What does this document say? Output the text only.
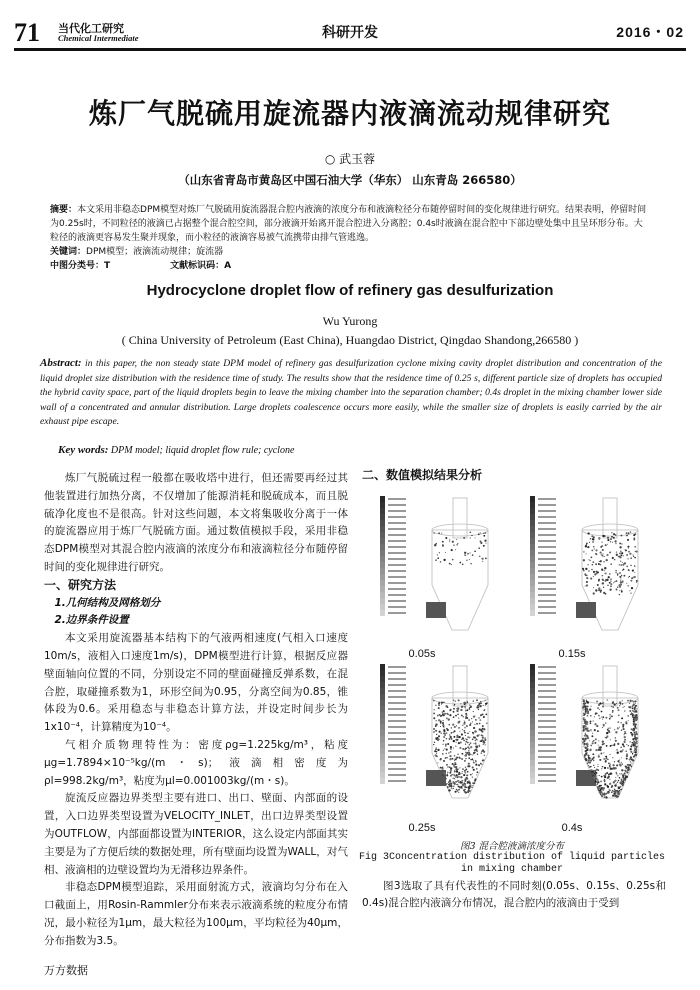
71 当代化工研究
Chemical Intermediate	科研开发	2016・02
炼厂气脱硫用旋流器内液滴流动规律研究
○ 武玉蓉
（山东省青岛市黄岛区中国石油大学（华东） 山东青岛 266580）
摘要：本文采用非稳态DPM模型对炼厂气脱硫用旋流器混合腔内液滴的浓度分布和液滴粒径分布随停留时间的变化规律进行研究。结果表明，停留时间为0.25s时，不同粒径的液滴已占据整个混合腔空间，部分液滴开始离开混合腔进入分离腔；0.4s时液滴在混合腔中下部边壁处集中且呈环形分布。大粒径的液滴更容易发生聚并现象，而小粒径的液滴容易被气流携带由排气管逃逸。
关键词：DPM模型；液滴流动规律；旋流器
中图分类号：T	文献标识码：A
Hydrocyclone droplet flow of refinery gas desulfurization
Wu Yurong
( China University of Petroleum (East China), Huangdao District, Qingdao Shandong,266580 )
Abstract: in this paper, the non steady state DPM model of refinery gas desulfurization cyclone mixing cavity droplet distribution and concentration of the liquid droplet size distribution with the residence time of study. The results show that the residence time of 0.25 s, different particle size of droplets has occupied the hybrid cavity space, part of the liquid droplets begin to leave the mixing chamber into the separation chamber; 0.4s droplet in the mixing chamber lower side wall of a concentrated and annular distribution. Large droplets coalescence occurs more easily, while the smaller size of droplets is easily carried by the air exhaust pipe escape.
Key words: DPM model; liquid droplet flow rule; cyclone

炼厂气脱硫过程一般都在吸收塔中进行，但还需要再经过其他装置进行加热分离，不仅增加了能源消耗和脱硫成本，而且脱硫净化度也不是很高。针对这些问题，本文将集吸收分离于一体的旋流器应用于炼厂气脱硫方面。通过数值模拟手段，采用非稳态DPM模型对其混合腔内液滴的浓度分布和液滴粒径分布随停留时间的变化规律进行研究。

一、研究方法
1.几何结构及网格划分
2.边界条件设置

本文采用旋流器基本结构下的气液两相速度(气相入口速度10m/s，液相入口速度1m/s)，DPM模型进行计算，根据反应器壁面轴向位置的不同，分别设定不同的壁面碰撞反弹系数，在混合腔，取碰撞系数为1，环形空间为0.95，分离空间为0.85，锥体段为0.6。采用稳态与非稳态计算方法，并设定时间步长为1x10⁻⁴，计算精度为10⁻⁴。

气相介质物理特性为：密度ρg=1.225kg/m³，粘度μg=1.7894×10⁻⁵kg/(m・s)；液滴相密度为ρl=998.2kg/m³，粘度为μl=0.001003kg/(m・s)。

旋流反应器边界类型主要有进口、出口、壁面、内部面的设置，入口边界类型设置为VELOCITY_INLET，出口边界类型设置为OUTFLOW，内部面都设置为INTERIOR，这么设定内部面其实主要是为了方便后续的数据处理，所有壁面均设置为WALL，对气相、液滴相的边壁设置均为无滑移边界条件。

非稳态DPM模型追踪，采用面射流方式，液滴均匀分布在入口截面上，用Rosin-Rammler分布来表示液滴系统的粒度分布情况，最小粒径为1μm，最大粒径为100μm，平均粒径为40μm，分布指数为3.5。

二、数值模拟结果分析
0.05s	0.15s
0.25s	0.4s
图3 混合腔液滴浓度分布
Fig 3Concentration distribution of liquid particles in mixing chamber

图3选取了具有代表性的不同时刻(0.05s、0.15s、0.25s和0.4s)混合腔内液滴分布情况，混合腔内的液滴由于受到

万方数据
